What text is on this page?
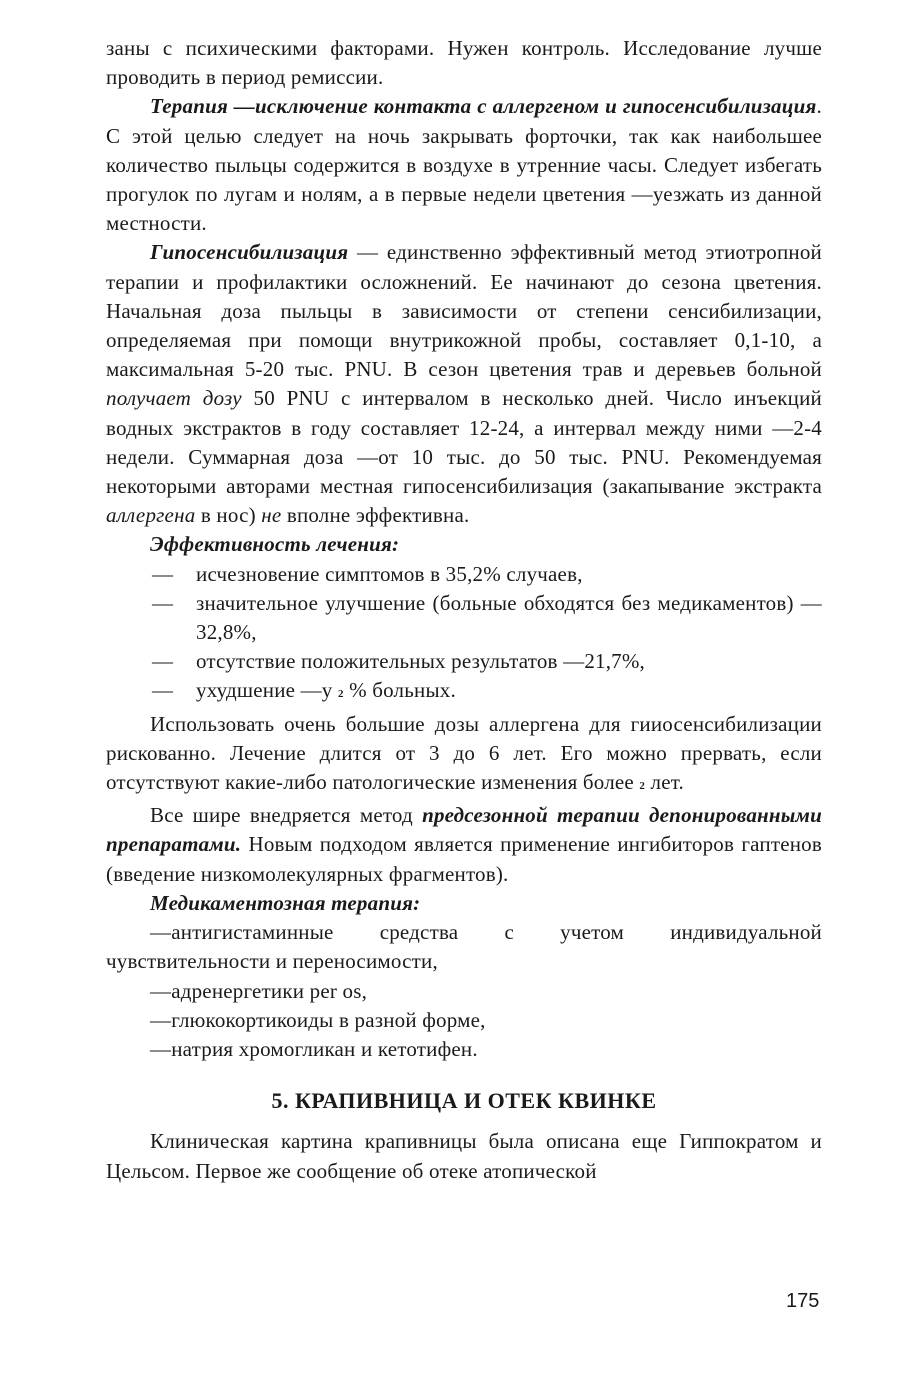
заны с психическими факторами. Нужен контроль. Исследование лучше проводить в период ремиссии.

Терапия —исключение контакта с аллергеном и гипосенсибилизация. С этой целью следует на ночь закрывать форточки, так как наибольшее количество пыльцы содержится в воздухе в утренние часы. Следует избегать прогулок по лугам и нолям, а в первые недели цветения —уезжать из данной местности.

Гипосенсибилизация — единственно эффективный метод этиотропной терапии и профилактики осложнений. Ее начинают до сезона цветения. Начальная доза пыльцы в зависимости от степени сенсибилизации, определяемая при помощи внутрикожной пробы, составляет 0,1-10, а максимальная 5-20 тыс. PNU. В сезон цветения трав и деревьев больной получает дозу 50 PNU с интервалом в несколько дней. Число инъекций водных экстрактов в году составляет 12-24, а интервал между ними —2-4 недели. Суммарная доза —от 10 тыс. до 50 тыс. PNU. Рекомендуемая некоторыми авторами местная гипосенсибилизация (закапывание экстракта аллергена в нос) не вполне эффективна.

Эффективность лечения:

— исчезновение симптомов в 35,2% случаев,

— значительное улучшение (больные обходятся без медикаментов) —32,8%,

— отсутствие положительных результатов —21,7%,

— ухудшение —у 2 % больных.

Использовать очень большие дозы аллергена для гииосенсибилизации рискованно. Лечение длится от 3 до 6 лет. Его можно прервать, если отсутствуют какие-либо патологические изменения более 2 лет.

Все шире внедряется метод предсезонной терапии депонированными препаратами. Новым подходом является применение ингибиторов гаптенов (введение низкомолекулярных фрагментов).

Медикаментозная терапия:

—антигистаминные средства с учетом индивидуальной чувствительности и переносимости,

—адренергетики per os,

—глюкокортикоиды в разной форме,

—натрия хромогликан и кетотифен.

5. КРАПИВНИЦА И ОТЕК КВИНКЕ

Клиническая картина крапивницы была описана еще Гиппократом и Цельсом. Первое же сообщение об отеке атопической

175
